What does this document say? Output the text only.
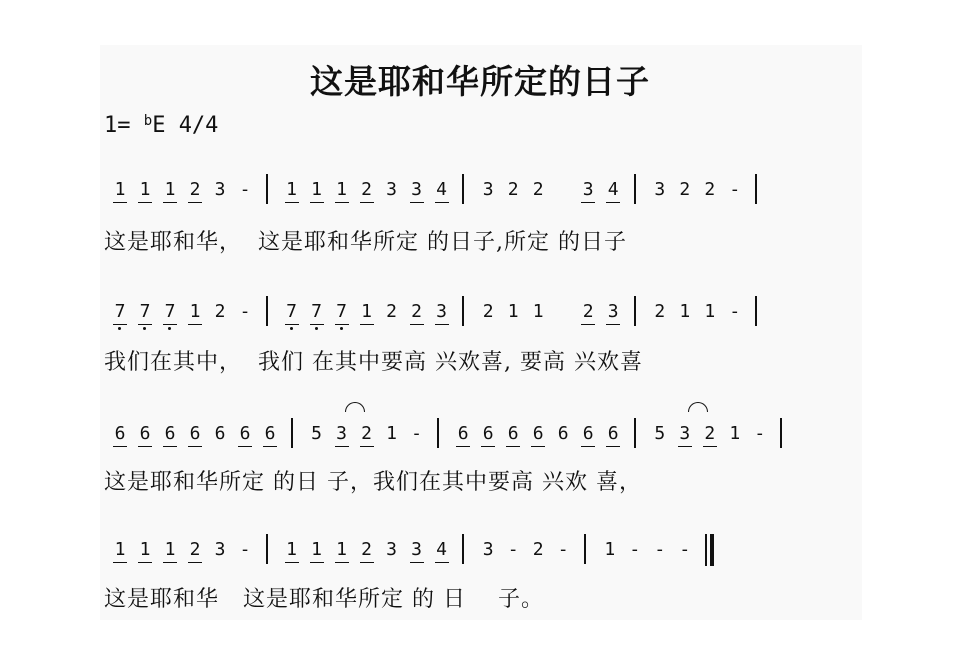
这是耶和华所定的日子
1= $^b$E 4/4
1 1 1 2 3 - 1 1 1 2 3 3 4 3 2 2 3 4 3 2 2 -
这是耶和华，  这是耶和华所定 的日子,所定 的日子
7 7 7 1 2 - 7 7 7 1 2 2 3 2 1 1 2 3 2 1 1 -
我们在其中，  我们 在其中要高 兴欢喜, 要高 兴欢喜
6 6 6 6 6 6 6 5 3 2 1 - 6 6 6 6 6 6 6 5 3 2 1 -
这是耶和华所定 的日 子，我们在其中要高 兴欢 喜，
1 1 1 2 3 - 1 1 1 2 3 3 4 3 - 2 - 1 - - -
这是耶和华   这是耶和华所定 的 日    子。
